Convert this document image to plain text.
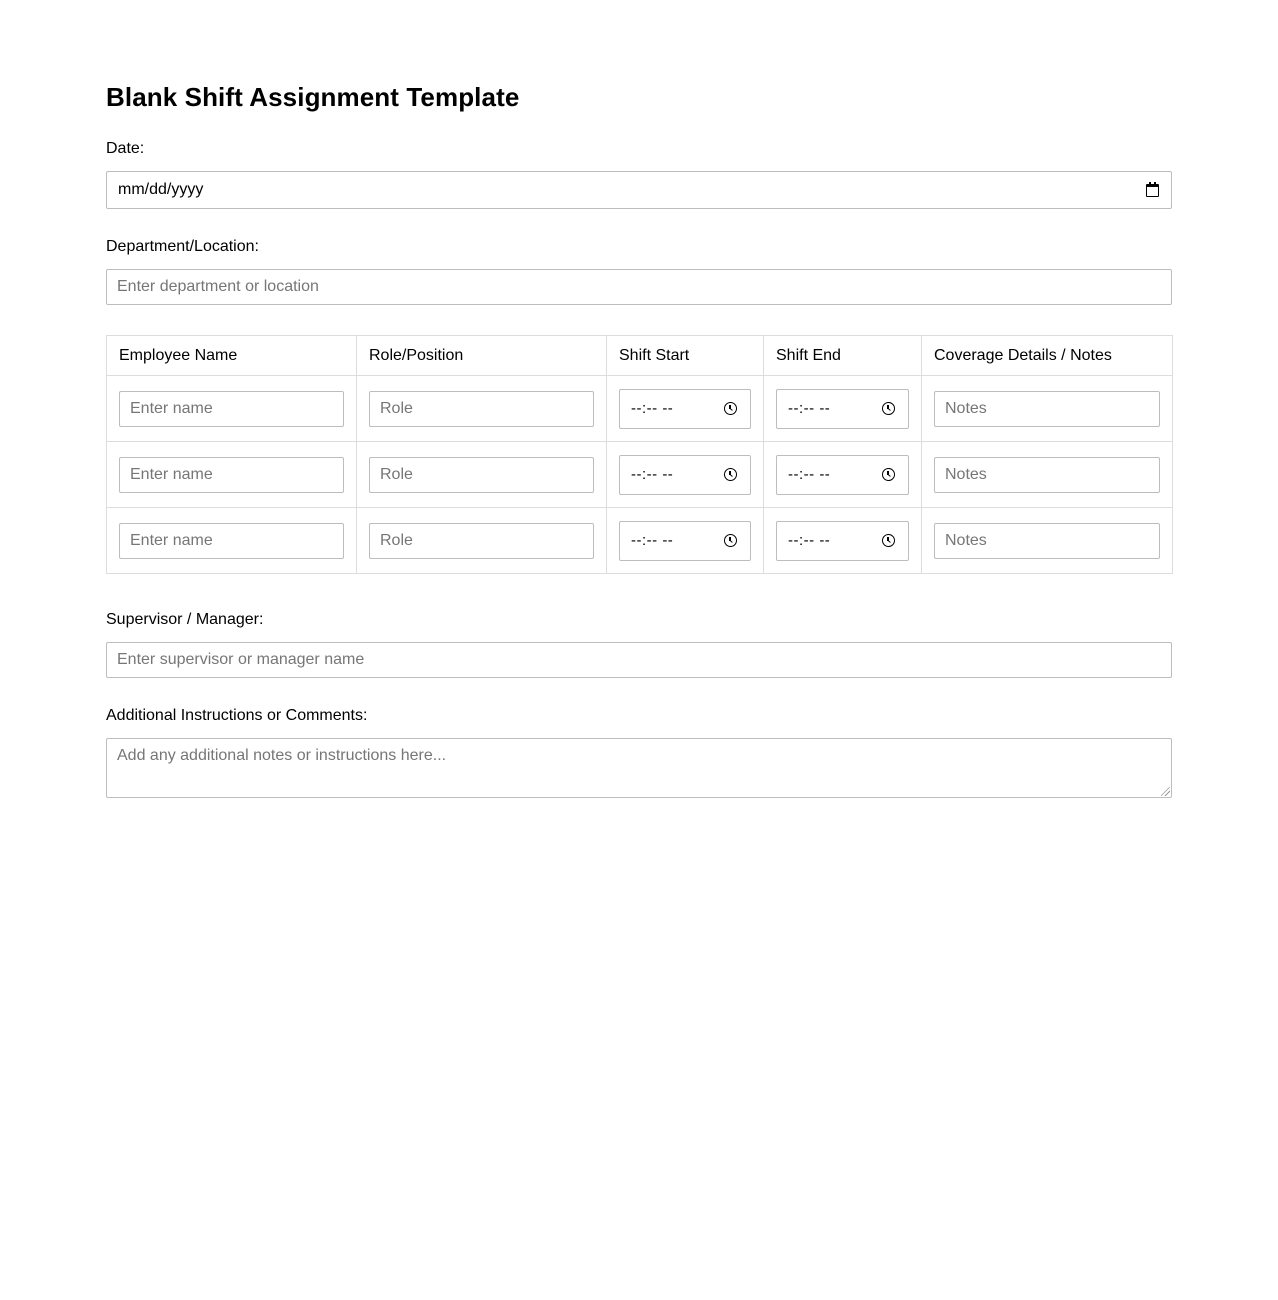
Blank Shift Assignment Template
Date:
mm/dd/yyyy
Department/Location:
Enter department or location
Employee Name	Role/Position	Shift Start	Shift End	Coverage Details / Notes

Enter name	Role	--:-- --	--:-- --	Notes

Enter name	Role	--:-- --	--:-- --	Notes

Enter name	Role	--:-- --	--:-- --	Notes
Supervisor / Manager:
Enter supervisor or manager name
Additional Instructions or Comments:
Add any additional notes or instructions here...
